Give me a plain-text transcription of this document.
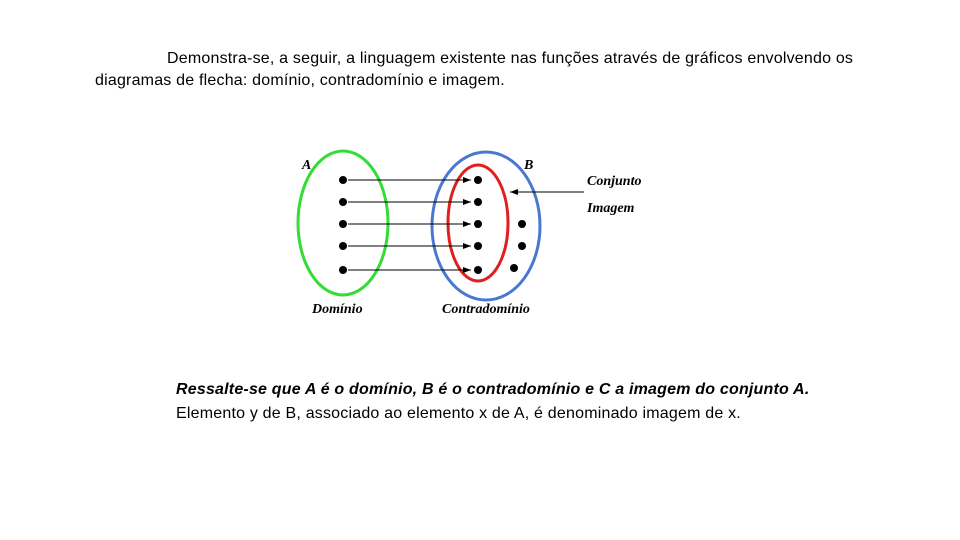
Demonstra-se, a seguir, a linguagem existente nas funções através de gráficos envolvendo os diagramas de flecha: domínio, contradomínio e imagem.

A	B
Conjunto
Imagem
Domínio	Contradomínio

Ressalte-se que A é o domínio, B é o contradomínio e C a imagem do conjunto A.
Elemento y de B, associado ao elemento x de A, é denominado imagem de x.
